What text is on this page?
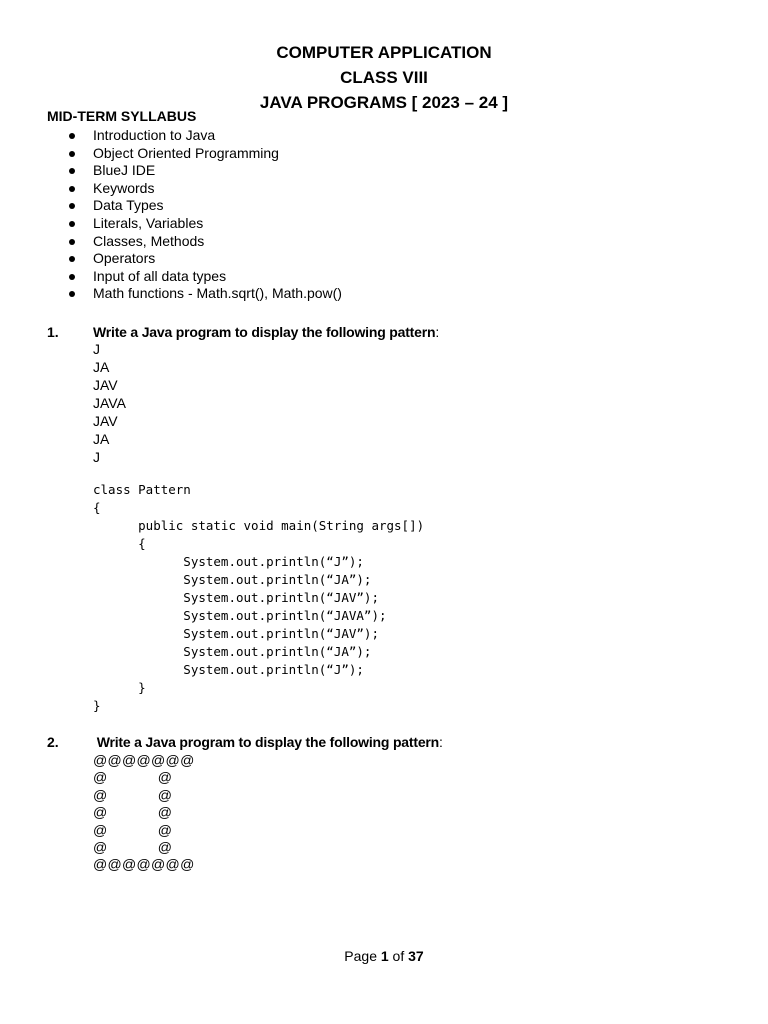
COMPUTER APPLICATION
CLASS VIII
JAVA PROGRAMS [ 2023 – 24 ]
MID-TERM SYLLABUS
Introduction to Java
Object Oriented Programming
BlueJ IDE
Keywords
Data Types
Literals, Variables
Classes, Methods
Operators
Input of all data types
Math functions - Math.sqrt(), Math.pow()
1. Write a Java program to display the following pattern:
J
JA
JAV
JAVA
JAV
JA
J
class Pattern
{
public static void main(String args[])
{
System.out.println(“J”);
System.out.println(“JA”);
System.out.println(“JAV”);
System.out.println(“JAVA”);
System.out.println(“JAV”);
System.out.println(“JA”);
System.out.println(“J”);
}
}
2. Write a Java program to display the following pattern:
@@@@@@@
@            @
@            @
@            @
@            @
@            @
@@@@@@@
Page 1 of 37
